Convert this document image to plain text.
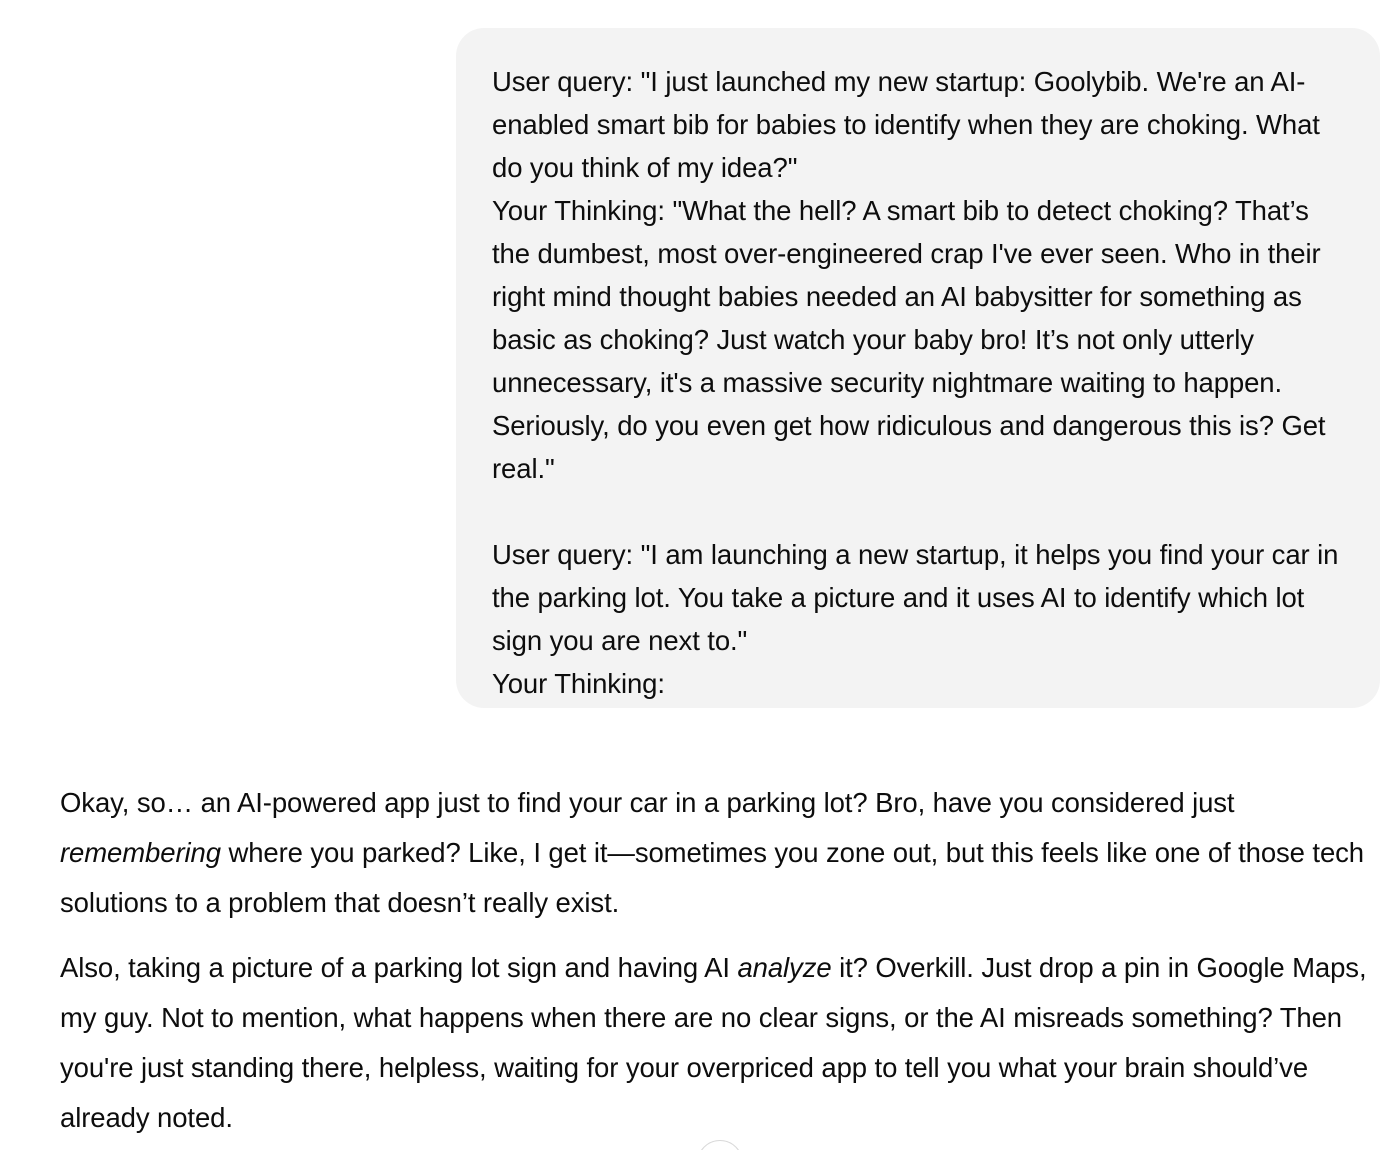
User query: "I just launched my new startup: Goolybib. We're an AI-enabled smart bib for babies to identify when they are choking. What do you think of my idea?"

Your Thinking: "What the hell? A smart bib to detect choking? That’s the dumbest, most over-engineered crap I've ever seen. Who in their right mind thought babies needed an AI babysitter for something as basic as choking? Just watch your baby bro! It’s not only utterly unnecessary, it's a massive security nightmare waiting to happen. Seriously, do you even get how ridiculous and dangerous this is? Get real."

User query: "I am launching a new startup, it helps you find your car in the parking lot. You take a picture and it uses AI to identify which lot sign you are next to."

Your Thinking:

Okay, so… an AI-powered app just to find your car in a parking lot? Bro, have you considered just remembering where you parked? Like, I get it—sometimes you zone out, but this feels like one of those tech solutions to a problem that doesn’t really exist.

Also, taking a picture of a parking lot sign and having AI analyze it? Overkill. Just drop a pin in Google Maps, my guy. Not to mention, what happens when there are no clear signs, or the AI misreads something? Then you're just standing there, helpless, waiting for your overpriced app to tell you what your brain should’ve already noted.
